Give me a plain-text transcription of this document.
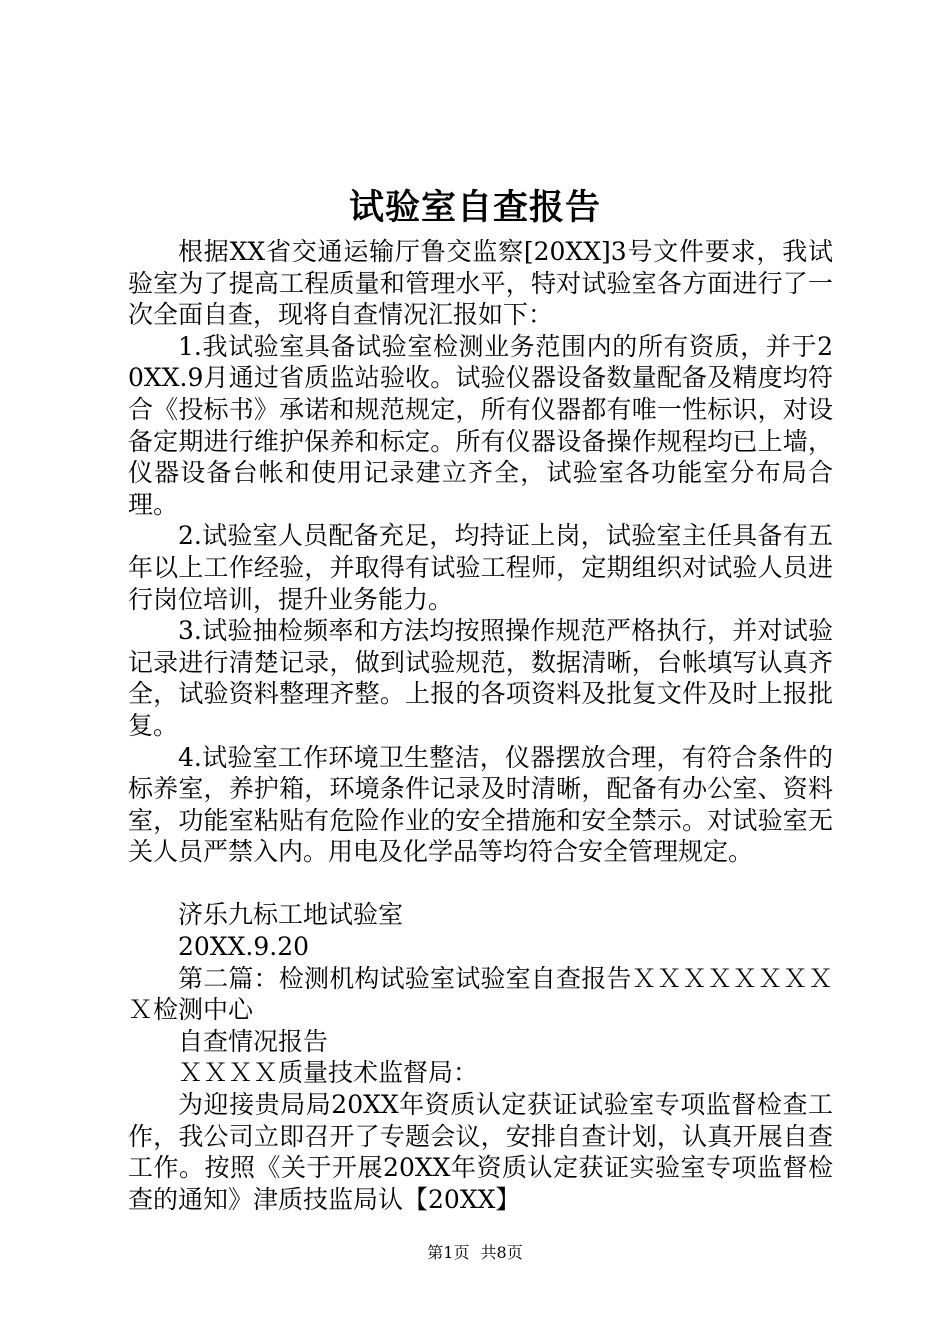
试验室自查报告

根据XX省交通运输厅鲁交监察[20XX]3号文件要求，我试验室为了提高工程质量和管理水平，特对试验室各方面进行了一次全面自查，现将自查情况汇报如下：

1.我试验室具备试验室检测业务范围内的所有资质，并于20XX.9月通过省质监站验收。试验仪器设备数量配备及精度均符合《投标书》承诺和规范规定，所有仪器都有唯一性标识，对设备定期进行维护保养和标定。所有仪器设备操作规程均已上墙，仪器设备台帐和使用记录建立齐全，试验室各功能室分布局合理。

2.试验室人员配备充足，均持证上岗，试验室主任具备有五年以上工作经验，并取得有试验工程师，定期组织对试验人员进行岗位培训，提升业务能力。

3.试验抽检频率和方法均按照操作规范严格执行，并对试验记录进行清楚记录，做到试验规范，数据清晰，台帐填写认真齐全，试验资料整理齐整。上报的各项资料及批复文件及时上报批复。

4.试验室工作环境卫生整洁，仪器摆放合理，有符合条件的标养室，养护箱，环境条件记录及时清晰，配备有办公室、资料室，功能室粘贴有危险作业的安全措施和安全禁示。对试验室无关人员严禁入内。用电及化学品等均符合安全管理规定。

济乐九标工地试验室

20XX.9.20

第二篇：检测机构试验室试验室自查报告ＸＸＸＸＸＸＸＸＸ检测中心

自查情况报告

ＸＸＸＸ质量技术监督局：

为迎接贵局局20XX年资质认定获证试验室专项监督检查工作，我公司立即召开了专题会议，安排自查计划，认真开展自查工作。按照《关于开展20XX年资质认定获证实验室专项监督检查的通知》津质技监局认【20XX】

第1页 共8页
